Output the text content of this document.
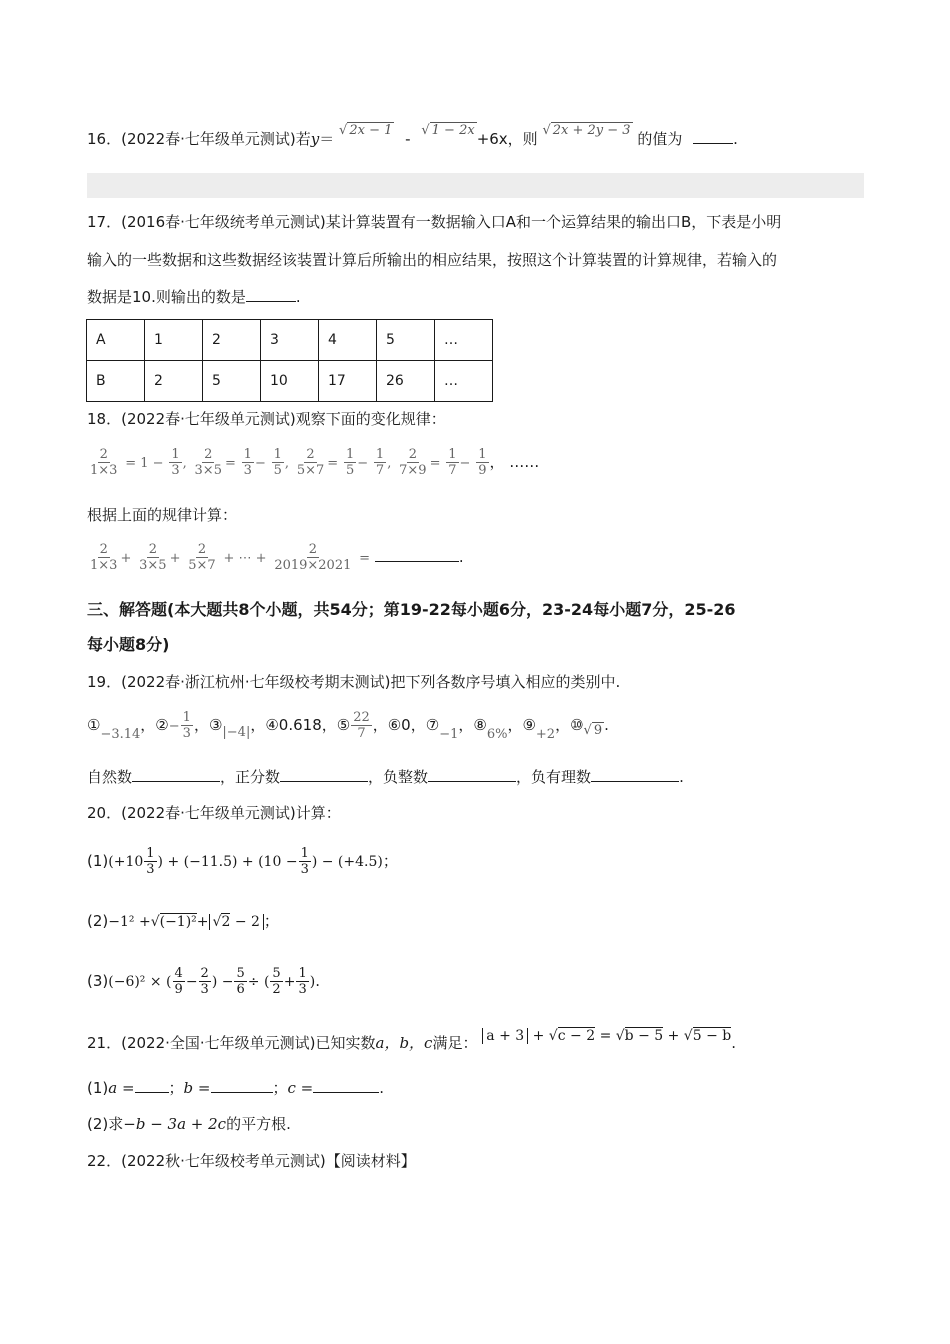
16．(2022春·七年级单元测试)若y＝ √ 2x − 1 - √ 1 − 2x +6x，则 √ 2x + 2y − 3 的值为	.
17．(2016春·七年级统考单元测试)某计算装置有一数据输入口A和一个运算结果的输出口B，下表是小明
输入的一些数据和这些数据经该装置计算后所输出的相应结果，按照这个计算装置的计算规律，若输入的
数据是10.则输出的数是	.
A	1	2	3	4	5	…
B	2	5	10	17	26	…
18．(2022春·七年级单元测试)观察下面的变化规律：
$\frac{2}{1\times 3} = 1 - \frac{1}{3}$ , $\frac{2}{3\times 5} = \frac{1}{3} - \frac{1}{5}$ , $\frac{2}{5\times 7} = \frac{1}{5} - \frac{1}{7}$ , $\frac{2}{7\times 9} = \frac{1}{7} - \frac{1}{9}$ ， ……
根据上面的规律计算：
$\frac{2}{1\times 3} + \frac{2}{3\times 5} + \frac{2}{5\times 7}$ + ⋯ + $\frac{2}{2019\times 2021}$ =	.
三、解答题(本大题共8个小题，共54分；第19-22每小题6分，23-24每小题7分，25-26
每小题8分)
19．(2022春·浙江杭州·七年级校考期末测试)把下列各数序号填入相应的类别中.
①−3.14，②− $\frac{1}{3}$ ，③|−4|，④0.618，⑤ $\frac{22}{7}$ ，⑥0，⑦−1，⑧6%，⑨+2，⑩√ 9 .
自然数	，正分数	，负整数	，负有理数	.
20．(2022春·七年级单元测试)计算：
$(1)(+10 \frac{1}{3}$ ) + $(-11.5) + (10 - \frac{1}{3}$ ) − (+4.5)；
(2)−1² +√(−1)²+ √2 − 2 ；
(3)(−6)² × ( $\frac{4}{9} - \frac{2}{3}$ ) − $\frac{5}{6}$ ÷ ( $\frac{5}{2} + \frac{1}{3}$ ).
21．(2022·全国·七年级单元测试)已知实数a，b，c满足： a + 3 + √c − 2 = √b − 5 + √5 − b.
(1)a = ；b =	；c =	.
(2)求−b − 3a + 2c的平方根.
22．(2022秋·七年级校考单元测试)【阅读材料】
